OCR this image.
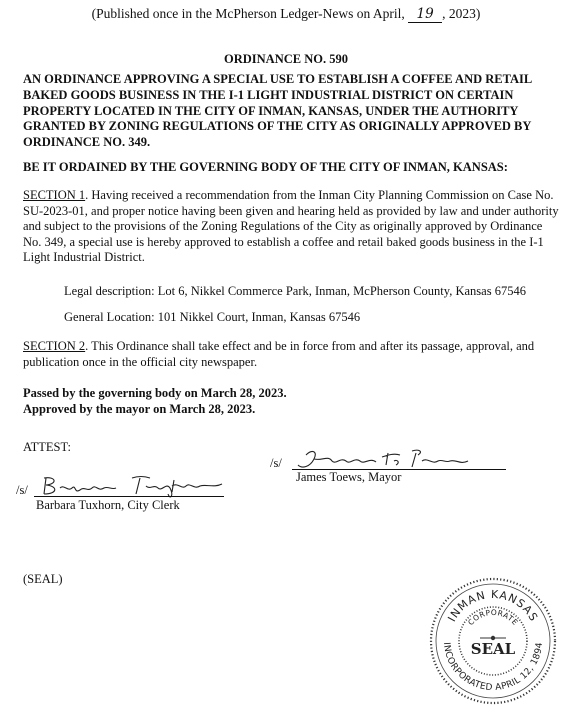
(Published once in the McPherson Ledger-News on April, 19 , 2023)
ORDINANCE NO. 590
AN ORDINANCE APPROVING A SPECIAL USE TO ESTABLISH A COFFEE AND RETAIL BAKED GOODS BUSINESS IN THE I-1 LIGHT INDUSTRIAL DISTRICT ON CERTAIN PROPERTY LOCATED IN THE CITY OF INMAN, KANSAS, UNDER THE AUTHORITY GRANTED BY ZONING REGULATIONS OF THE CITY AS ORIGINALLY APPROVED BY ORDINANCE NO. 349.
BE IT ORDAINED BY THE GOVERNING BODY OF THE CITY OF INMAN, KANSAS:
SECTION 1. Having received a recommendation from the Inman City Planning Commission on Case No. SU-2023-01, and proper notice having been given and hearing held as provided by law and under authority and subject to the provisions of the Zoning Regulations of the City as originally approved by Ordinance No. 349, a special use is hereby approved to establish a coffee and retail baked goods business in the I-1 Light Industrial District.
Legal description: Lot 6, Nikkel Commerce Park, Inman, McPherson County, Kansas 67546
General Location: 101 Nikkel Court, Inman, Kansas 67546
SECTION 2. This Ordinance shall take effect and be in force from and after its passage, approval, and publication once in the official city newspaper.
Passed by the governing body on March 28, 2023.
Approved by the mayor on March 28, 2023.
ATTEST:
/s/
James Toews, Mayor
/s/
Barbara Tuxhorn, City Clerk
(SEAL)
INMAN KANSAS
INCORPORATED APRIL 12, 1894
CORPORATE
SEAL
